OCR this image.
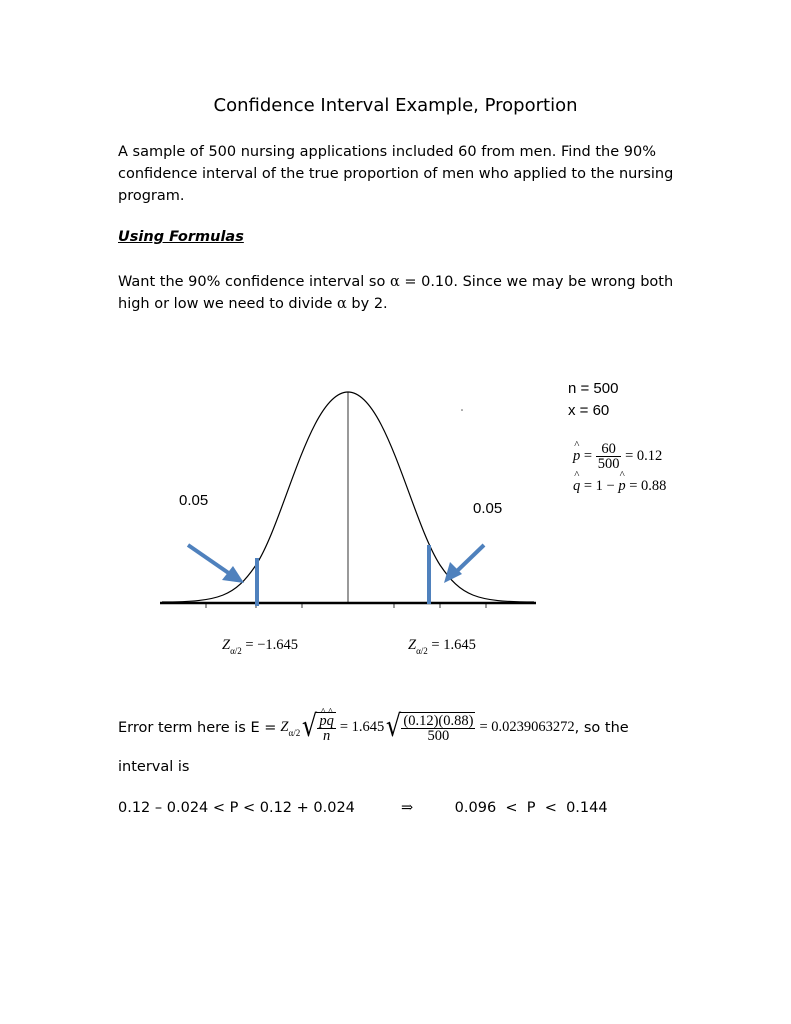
Confidence Interval Example, Proportion
A sample of 500 nursing applications included 60 from men. Find the 90% confidence interval of the true proportion of men who applied to the nursing program.
Using Formulas
Want the 90% confidence interval so α = 0.10. Since we may be wrong both high or low we need to divide α by 2.
0.05	0.05
$Z_{\alpha/2} = -1.645$	$Z_{\alpha/2} = 1.645$
n = 500
x = 60
^ $p = \frac{60}{500} = 0.12$
^ q = 1 − ^ p = 0.88
Error term here is $E = Z_{\alpha/2}$ √ ^ $\frac{p\^{} q}{n} = 1.645$ √ $\frac{(0.12)(0.88)}{500} = 0.0239063272$ , so the
interval is
0.12 – 0.024 < P < 0.12 + 0.024	⇒	0.096  <  P  <  0.144
